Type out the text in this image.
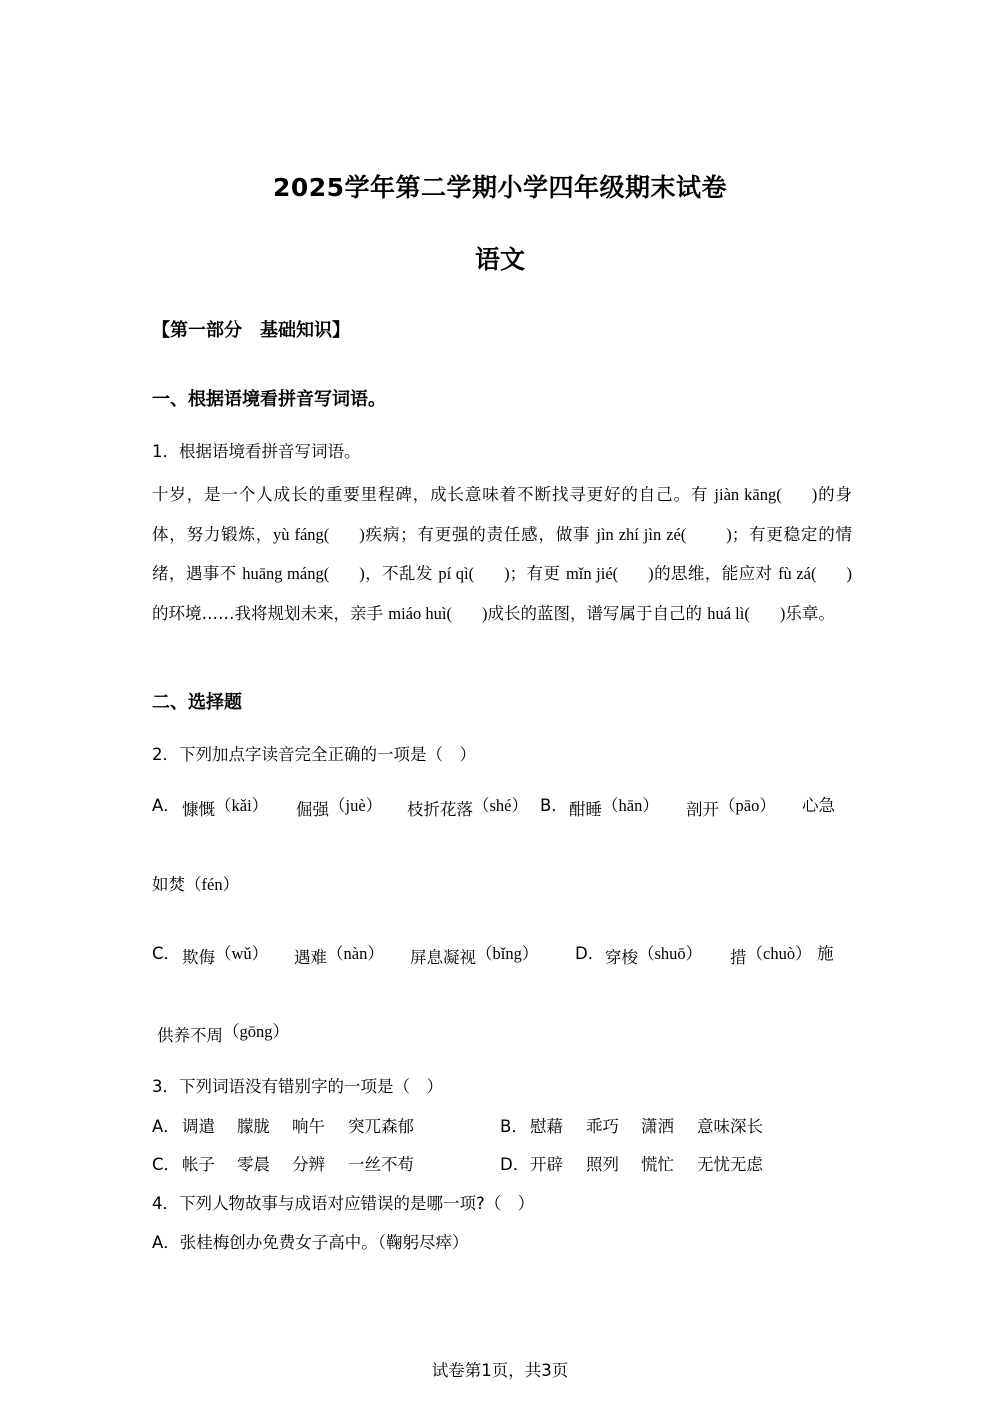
2025学年第二学期小学四年级期末试卷
语文
【第一部分　基础知识】
一、根据语境看拼音写词语。
1．根据语境看拼音写词语。
十岁，是一个人成长的重要里程碑，成长意味着不断找寻更好的自己。有 jiàn kāng( )的身体，努力锻炼，yù fáng( )疾病；有更强的责任感，做事 jìn zhí jìn zé( )；有更稳定的情绪，遇事不 huāng máng( )，不乱发 pí qì( )；有更 mǐn jié( )的思维，能应对 fù zá( )的环境……我将规划未来，亲手 miáo huì( )成长的蓝图，谱写属于自己的 huá lì( )乐章。
二、选择题
2．下列加点字读音完全正确的一项是（　）
A． 慷慨（kǎi） 倔强（juè） 枝折花落（shé） B． 酣睡（hān） 剖开（pāo） 心急
如焚（fén）
C． 欺侮（wǔ） 遇难（nàn） 屏息凝视（bǐng） D． 穿梭（shuō） 措（chuò） 施
供养不周（gōng）
3．下列词语没有错别字的一项是（　）
A． 调遣 朦胧 响午 突兀森郁	B． 慰藉 乖巧 潇洒 意味深长
C． 帐子 零晨 分辨 一丝不苟	D． 开辟 照列 慌忙 无忧无虑
4．下列人物故事与成语对应错误的是哪一项?（　）
A．张桂梅创办免费女子高中。（鞠躬尽瘁）
试卷第1页，共3页
